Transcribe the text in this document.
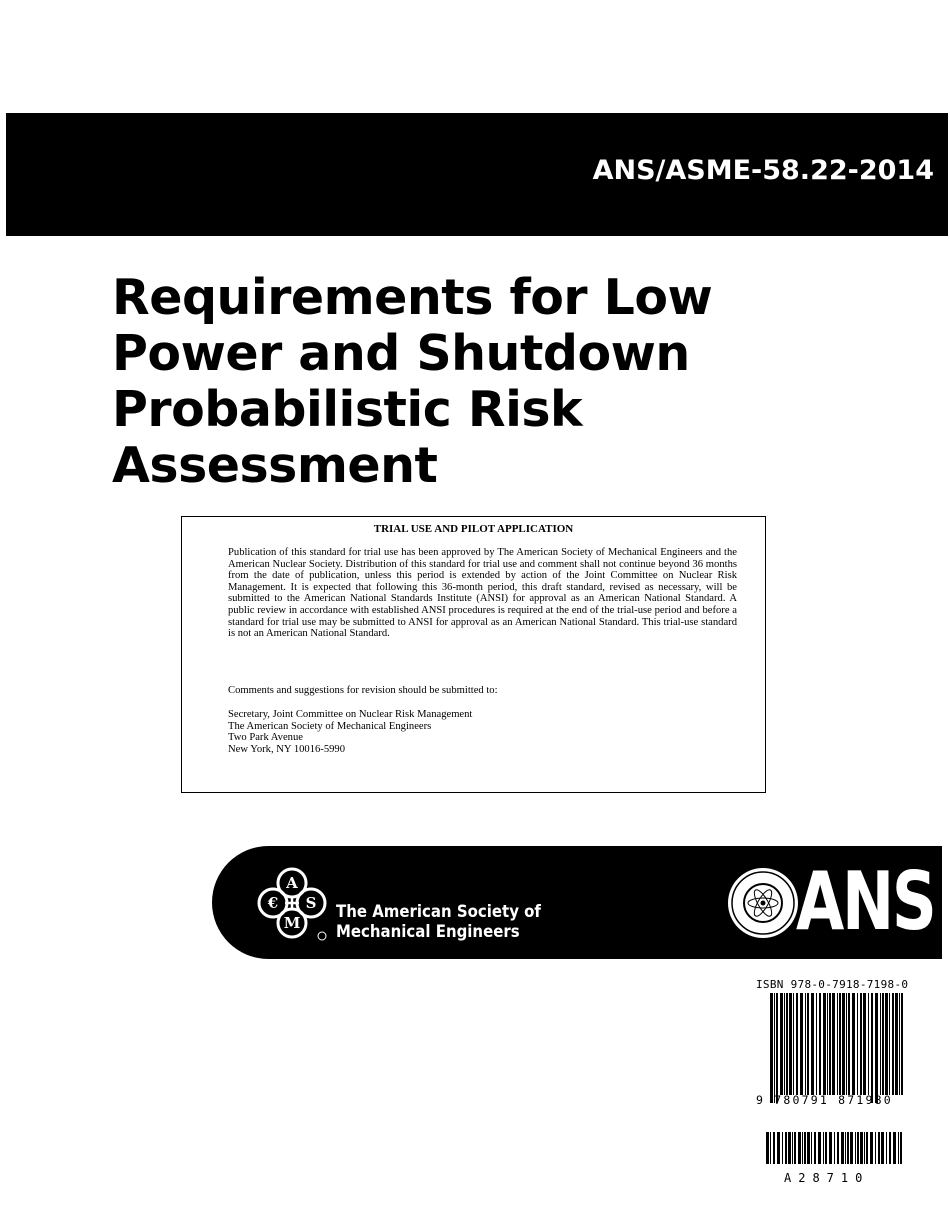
ANS/ASME-58.22-2014
Requirements for Low
Power and Shutdown
Probabilistic Risk
Assessment
TRIAL USE AND PILOT APPLICATION

Publication of this standard for trial use has been approved by The American Society of Mechanical Engineers and the American Nuclear Society. Distribution of this standard for trial use and comment shall not continue beyond 36 months from the date of publication, unless this period is extended by action of the Joint Committee on Nuclear Risk Management. It is expected that following this 36-month period, this draft standard, revised as necessary, will be submitted to the American National Standards Institute (ANSI) for approval as an American National Standard. A public review in accordance with established ANSI procedures is required at the end of the trial-use period and before a standard for trial use may be submitted to ANSI for approval as an American National Standard. This trial-use standard is not an American National Standard.

Comments and suggestions for revision should be submitted to:

Secretary, Joint Committee on Nuclear Risk Management
The American Society of Mechanical Engineers
Two Park Avenue
New York, NY 10016-5990

A
€ S
M
The American Society of
Mechanical Engineers	ANS
ISBN 978-0-7918-7198-0
9 780791 871980
A28710
